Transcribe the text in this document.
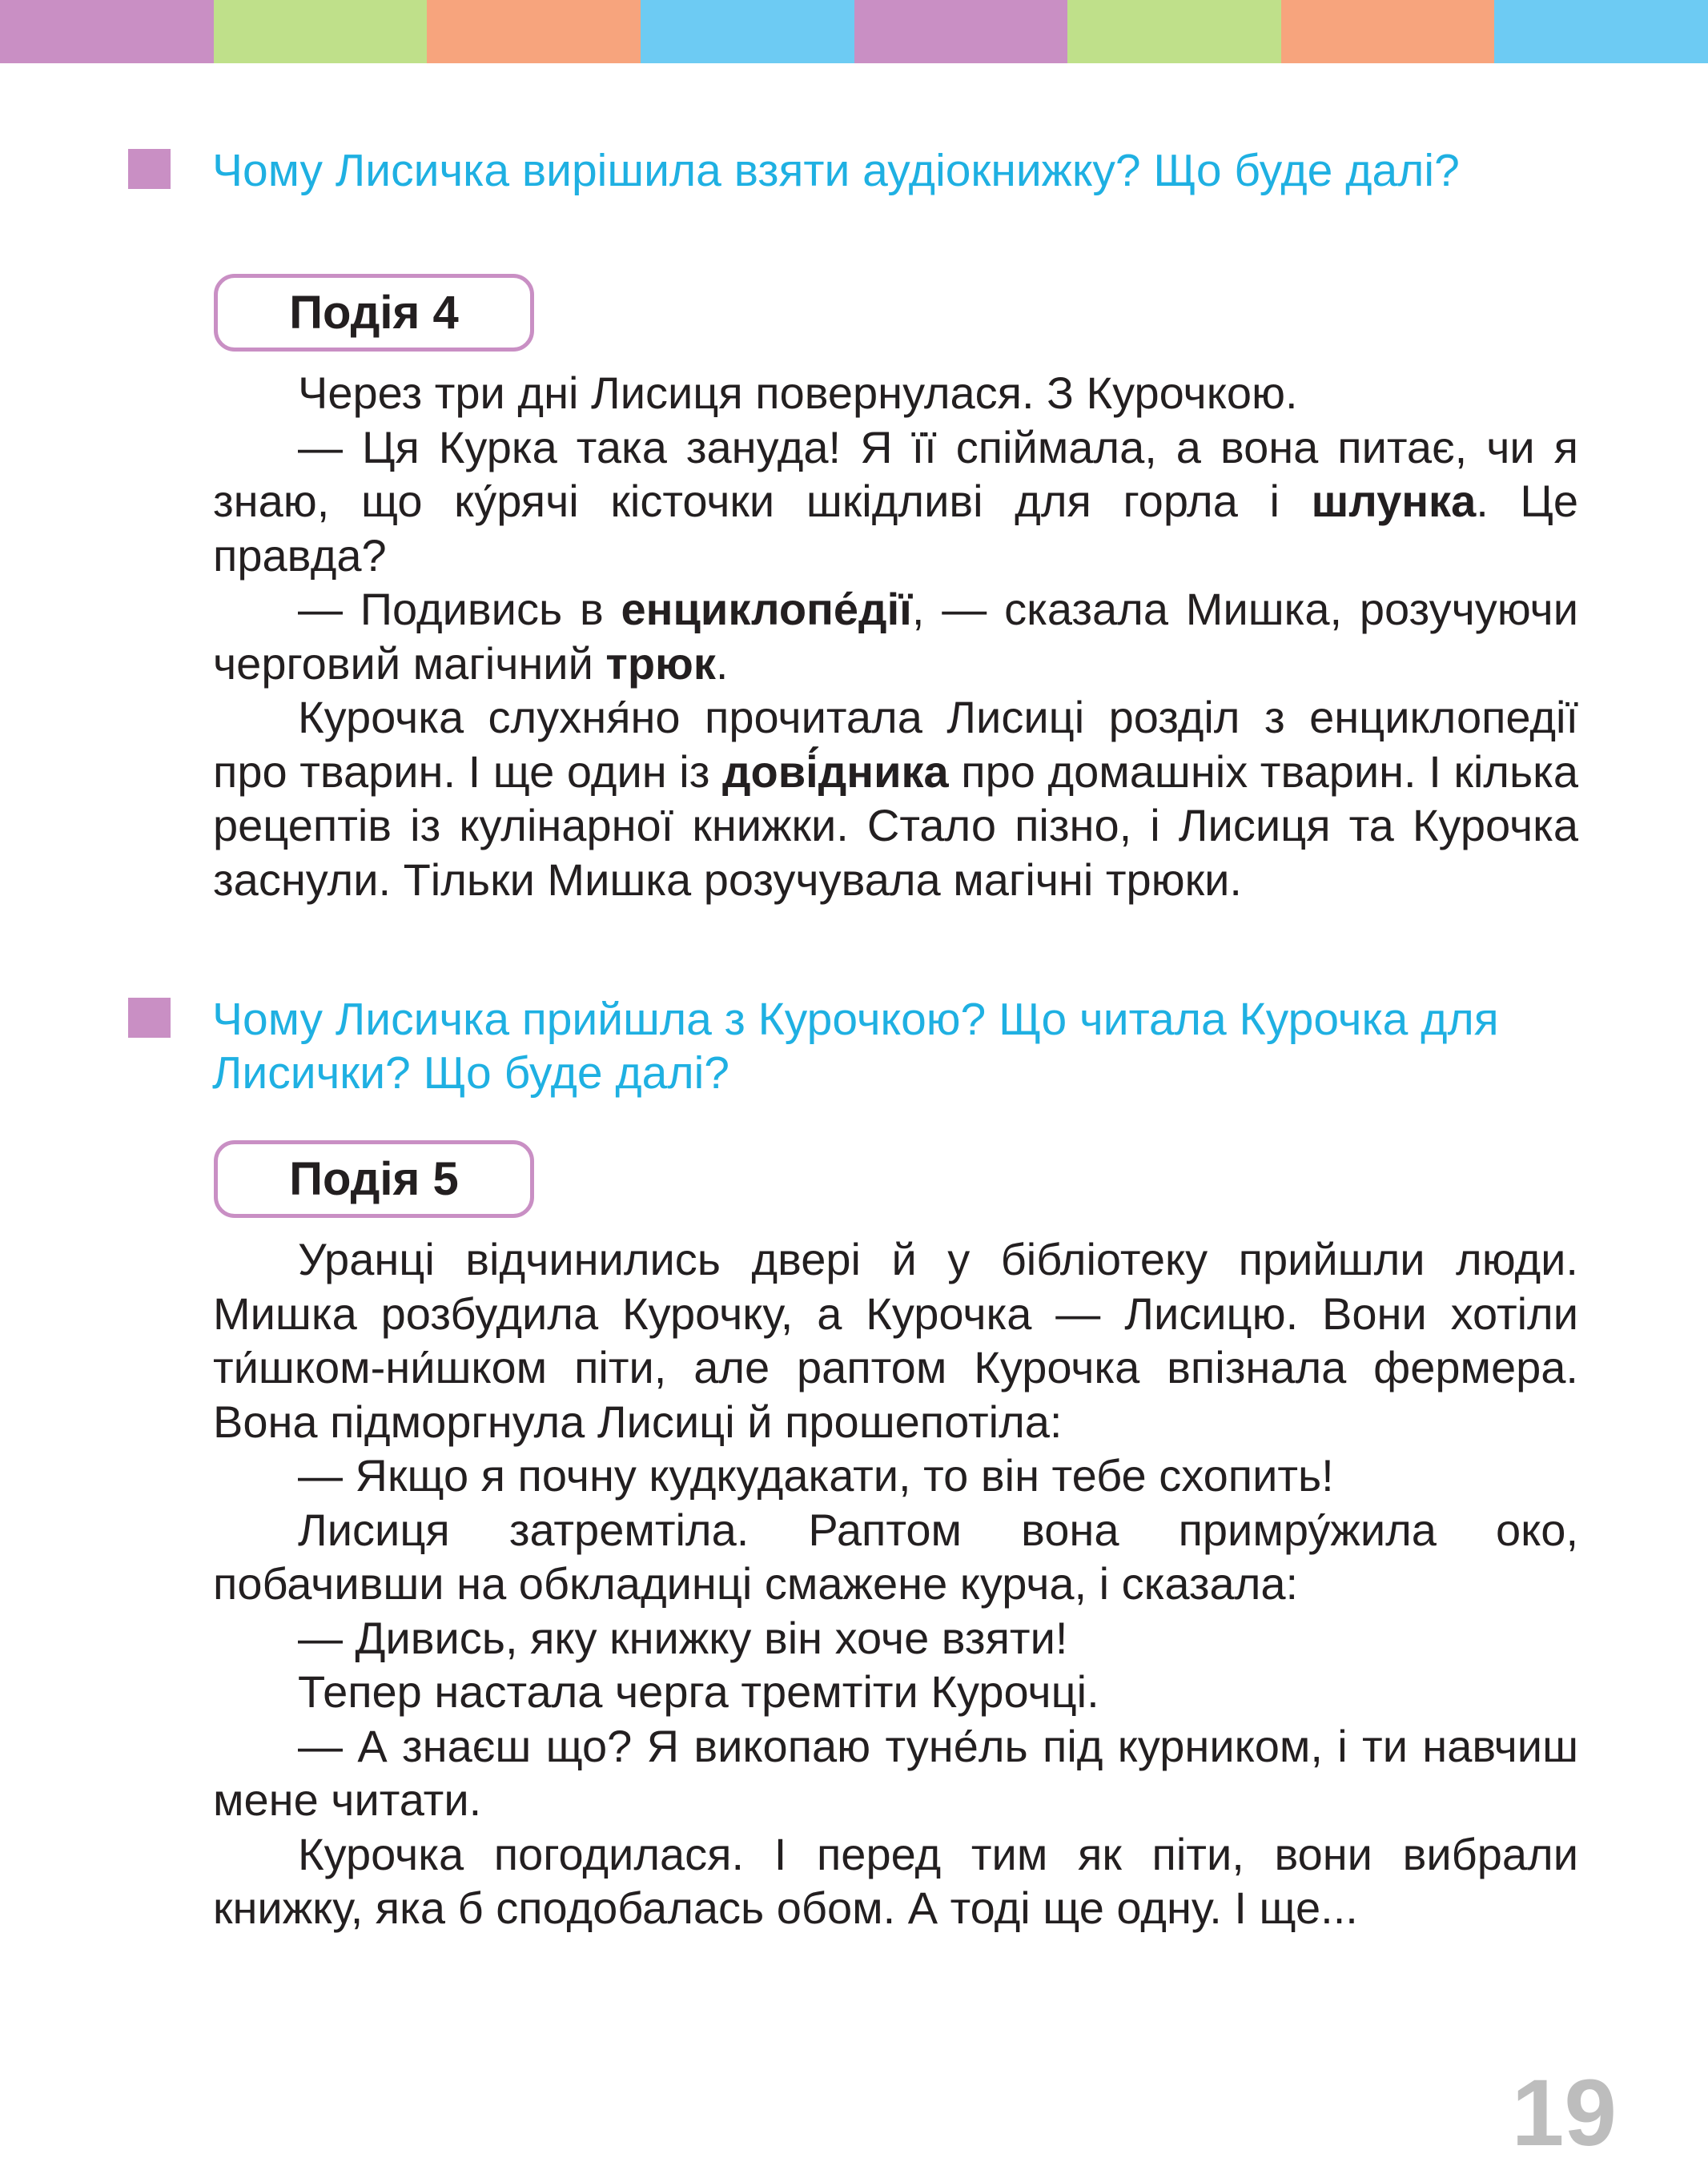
Чому Лисичка вирішила взяти аудіокнижку? Що буде далі?
Подія 4

Через три дні Лисиця повернулася. З Курочкою.

— Ця Курка така зануда! Я її спіймала, а вона питає, чи я знаю, що ку́рячі кісточки шкідливі для горла і шлунка. Це правда?

— Подивись в енциклопе́дії, — сказала Мишка, розучуючи черговий магічний трюк.

Курочка слухня́но прочитала Лисиці розділ з енциклопедії про тварин. І ще один із дові́дника про домашніх тварин. І кілька рецептів із кулінарної книжки. Стало пізно, і Лисиця та Курочка заснули. Тільки Мишка розучувала магічні трюки.

Чому Лисичка прийшла з Курочкою? Що читала Курочка для Лисички? Що буде далі?
Подія 5

Уранці відчинились двері й у бібліотеку прийшли люди. Мишка розбудила Курочку, а Курочка — Лисицю. Вони хотіли ти́шком-ни́шком піти, але раптом Курочка впізнала фермера. Вона підморгнула Лисиці й прошепотіла:

— Якщо я почну кудкудакати, то він тебе схопить!

Лисиця затремтіла. Раптом вона примру́жила око, побачивши на обкладинці смажене курча, і сказала:

— Дивись, яку книжку він хоче взяти!

Тепер настала черга тремтіти Курочці.

— А знаєш що? Я викопаю туне́ль під курником, і ти навчиш мене читати.

Курочка погодилася. І перед тим як піти, вони вибрали книжку, яка б сподобалась обом. А тоді ще одну. І ще...

19
